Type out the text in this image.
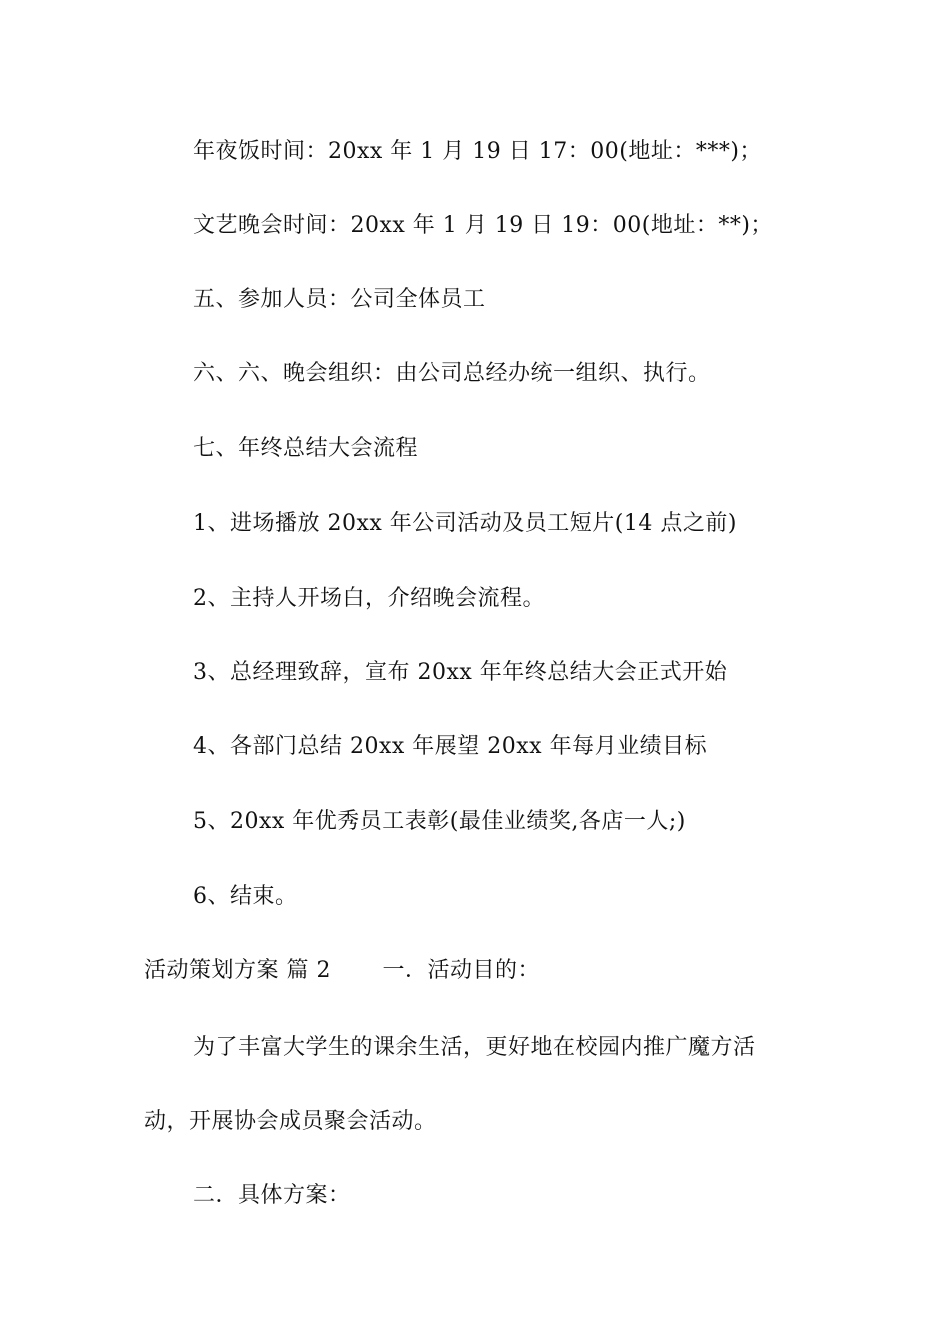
年夜饭时间：20xx 年 1 月 19 日 17：00(地址：***)；
文艺晚会时间：20xx 年 1 月 19 日 19：00(地址：**)；
五、参加人员：公司全体员工
六、六、晚会组织：由公司总经办统一组织、执行。
七、年终总结大会流程
1、进场播放 20xx 年公司活动及员工短片(14 点之前)
2、主持人开场白，介绍晚会流程。
3、总经理致辞，宣布 20xx 年年终总结大会正式开始
4、各部门总结 20xx 年展望 20xx 年每月业绩目标
5、20xx 年优秀员工表彰(最佳业绩奖,各店一人;)
6、结束。
活动策划方案 篇 2 一．活动目的：
为了丰富大学生的课余生活，更好地在校园内推广魔方活
动，开展协会成员聚会活动。
二．具体方案：
